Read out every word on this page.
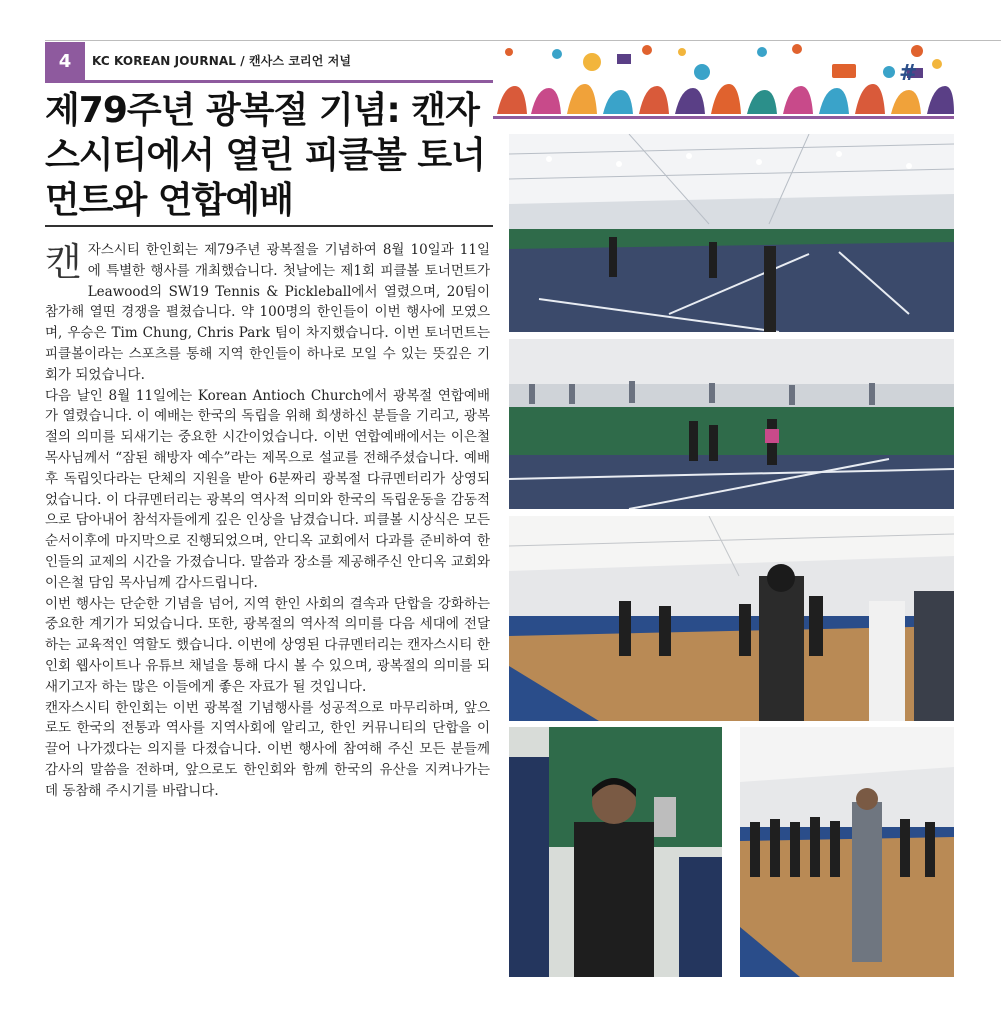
4 KC KOREAN JOURNAL / 캔사스 코리언 저널	#
제79주년 광복절 기념: 캔자스시티에서 열린 피클볼 토너먼트와 연합예배

캔자스시티 한인회는 제79주년 광복절을 기념하여 8월 10일과 11일에 특별한 행사를 개최했습니다. 첫날에는 제1회 피클볼 토너먼트가 Leawood의 SW19 Tennis & Pickleball에서 열렸으며, 20팀이 참가해 열띤 경쟁을 펼쳤습니다. 약 100명의 한인들이 이번 행사에 모였으며, 우승은 Tim Chung, Chris Park 팀이 차지했습니다. 이번 토너먼트는 피클볼이라는 스포츠를 통해 지역 한인들이 하나로 모일 수 있는 뜻깊은 기회가 되었습니다.

다음 날인 8월 11일에는 Korean Antioch Church에서 광복절 연합예배가 열렸습니다. 이 예배는 한국의 독립을 위해 희생하신 분들을 기리고, 광복절의 의미를 되새기는 중요한 시간이었습니다. 이번 연합예배에서는 이은철 목사님께서 “잠된 해방자 예수”라는 제목으로 설교를 전해주셨습니다. 예배 후 독립잇다라는 단체의 지원을 받아 6분짜리 광복절 다큐멘터리가 상영되었습니다. 이 다큐멘터리는 광복의 역사적 의미와 한국의 독립운동을 감동적으로 담아내어 참석자들에게 깊은 인상을 남겼습니다. 피클볼 시상식은 모든 순서이후에 마지막으로 진행되었으며, 안디옥 교회에서 다과를 준비하여 한인들의 교제의 시간을 가졌습니다. 말씀과 장소를 제공해주신 안디옥 교회와 이은철 담임 목사님께 감사드립니다.

이번 행사는 단순한 기념을 넘어, 지역 한인 사회의 결속과 단합을 강화하는 중요한 계기가 되었습니다. 또한, 광복절의 역사적 의미를 다음 세대에 전달하는 교육적인 역할도 했습니다. 이번에 상영된 다큐멘터리는 캔자스시티 한인회 웹사이트나 유튜브 채널을 통해 다시 볼 수 있으며, 광복절의 의미를 되새기고자 하는 많은 이들에게 좋은 자료가 될 것입니다.

캔자스시티 한인회는 이번 광복절 기념행사를 성공적으로 마무리하며, 앞으로도 한국의 전통과 역사를 지역사회에 알리고, 한인 커뮤니티의 단합을 이끌어 나가겠다는 의지를 다졌습니다. 이번 행사에 참여해 주신 모든 분들께 감사의 말씀을 전하며, 앞으로도 한인회와 함께 한국의 유산을 지켜나가는 데 동참해 주시기를 바랍니다.
